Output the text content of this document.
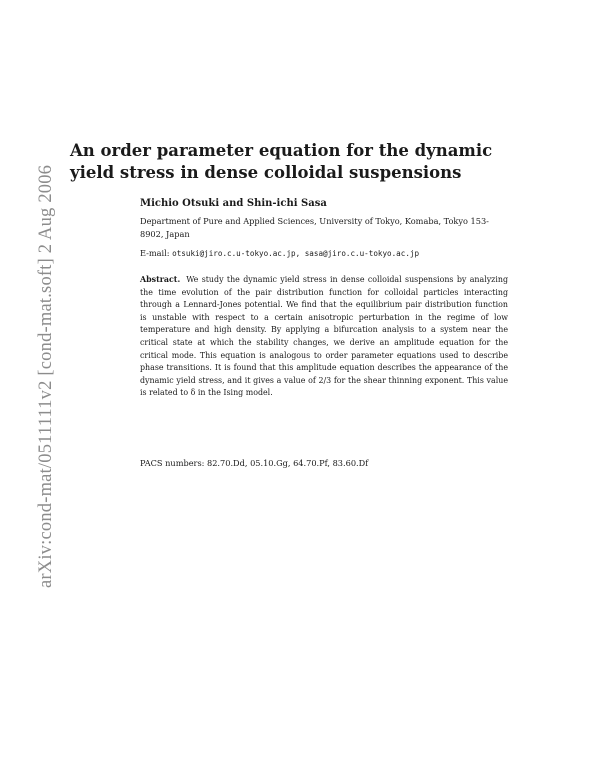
arXiv:cond-mat/0511111v2 [cond-mat.soft] 2 Aug 2006
An order parameter equation for the dynamic yield stress in dense colloidal suspensions

Michio Otsuki and Shin-ichi Sasa

Department of Pure and Applied Sciences, University of Tokyo, Komaba, Tokyo 153-8902, Japan

E-mail: otsuki@jiro.c.u-tokyo.ac.jp, sasa@jiro.c.u-tokyo.ac.jp

Abstract. We study the dynamic yield stress in dense colloidal suspensions by analyzing the time evolution of the pair distribution function for colloidal particles interacting through a Lennard-Jones potential. We find that the equilibrium pair distribution function is unstable with respect to a certain anisotropic perturbation in the regime of low temperature and high density. By applying a bifurcation analysis to a system near the critical state at which the stability changes, we derive an amplitude equation for the critical mode. This equation is analogous to order parameter equations used to describe phase transitions. It is found that this amplitude equation describes the appearance of the dynamic yield stress, and it gives a value of 2/3 for the shear thinning exponent. This value is related to δ in the Ising model.

PACS numbers: 82.70.Dd, 05.10.Gg, 64.70.Pf, 83.60.Df
